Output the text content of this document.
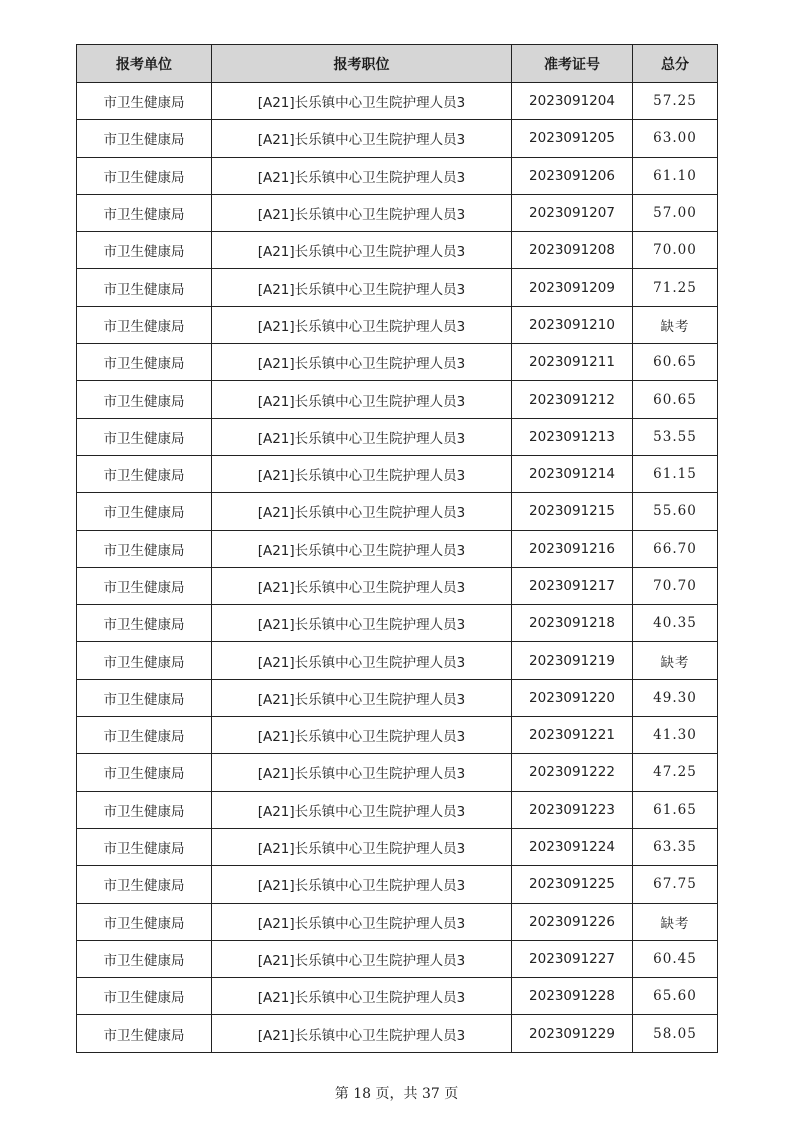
报考单位	报考职位	准考证号	总分
市卫生健康局	[A21]长乐镇中心卫生院护理人员3	2023091204	57.25
市卫生健康局	[A21]长乐镇中心卫生院护理人员3	2023091205	63.00
市卫生健康局	[A21]长乐镇中心卫生院护理人员3	2023091206	61.10
市卫生健康局	[A21]长乐镇中心卫生院护理人员3	2023091207	57.00
市卫生健康局	[A21]长乐镇中心卫生院护理人员3	2023091208	70.00
市卫生健康局	[A21]长乐镇中心卫生院护理人员3	2023091209	71.25
市卫生健康局	[A21]长乐镇中心卫生院护理人员3	2023091210	缺考
市卫生健康局	[A21]长乐镇中心卫生院护理人员3	2023091211	60.65
市卫生健康局	[A21]长乐镇中心卫生院护理人员3	2023091212	60.65
市卫生健康局	[A21]长乐镇中心卫生院护理人员3	2023091213	53.55
市卫生健康局	[A21]长乐镇中心卫生院护理人员3	2023091214	61.15
市卫生健康局	[A21]长乐镇中心卫生院护理人员3	2023091215	55.60
市卫生健康局	[A21]长乐镇中心卫生院护理人员3	2023091216	66.70
市卫生健康局	[A21]长乐镇中心卫生院护理人员3	2023091217	70.70
市卫生健康局	[A21]长乐镇中心卫生院护理人员3	2023091218	40.35
市卫生健康局	[A21]长乐镇中心卫生院护理人员3	2023091219	缺考
市卫生健康局	[A21]长乐镇中心卫生院护理人员3	2023091220	49.30
市卫生健康局	[A21]长乐镇中心卫生院护理人员3	2023091221	41.30
市卫生健康局	[A21]长乐镇中心卫生院护理人员3	2023091222	47.25
市卫生健康局	[A21]长乐镇中心卫生院护理人员3	2023091223	61.65
市卫生健康局	[A21]长乐镇中心卫生院护理人员3	2023091224	63.35
市卫生健康局	[A21]长乐镇中心卫生院护理人员3	2023091225	67.75
市卫生健康局	[A21]长乐镇中心卫生院护理人员3	2023091226	缺考
市卫生健康局	[A21]长乐镇中心卫生院护理人员3	2023091227	60.45
市卫生健康局	[A21]长乐镇中心卫生院护理人员3	2023091228	65.60
市卫生健康局	[A21]长乐镇中心卫生院护理人员3	2023091229	58.05
第 18 页，共 37 页
